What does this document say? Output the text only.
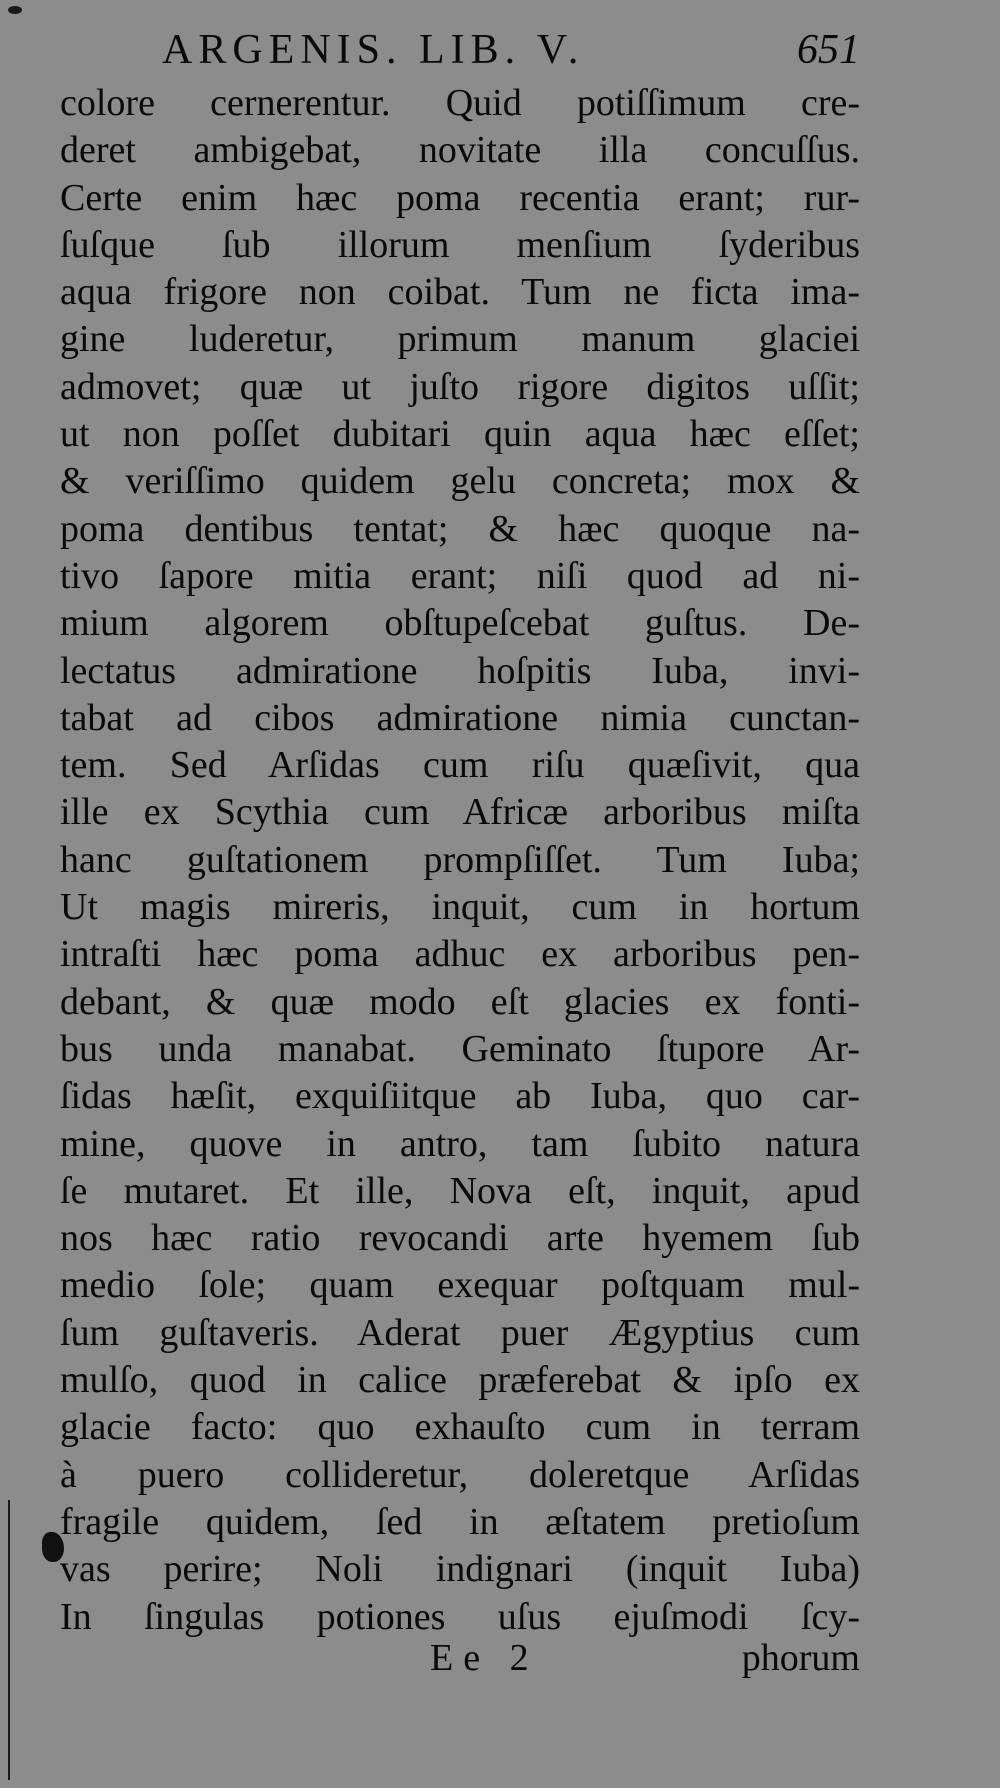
ARGENIS. LIB. V.	651
colore cernerentur. Quid potiſſimum cre-
deret ambigebat, novitate illa concuſſus.
Certe enim hæc poma recentia erant; rur-
ſuſque ſub illorum menſium ſyderibus
aqua frigore non coibat. Tum ne ficta ima-
gine luderetur, primum manum glaciei
admovet; quæ ut juſto rigore digitos uſſit;
ut non poſſet dubitari quin aqua hæc eſſet;
& veriſſimo quidem gelu concreta; mox &
poma dentibus tentat; & hæc quoque na-
tivo ſapore mitia erant; niſi quod ad ni-
mium algorem obſtupeſcebat guſtus. De-
lectatus admiratione hoſpitis Iuba, invi-
tabat ad cibos admiratione nimia cunctan-
tem. Sed Arſidas cum riſu quæſivit, qua
ille ex Scythia cum Africæ arboribus miſta
hanc guſtationem prompſiſſet. Tum Iuba;
Ut magis mireris, inquit, cum in hortum
intraſti hæc poma adhuc ex arboribus pen-
debant, & quæ modo eſt glacies ex fonti-
bus unda manabat. Geminato ſtupore Ar-
ſidas hæſit, exquiſiitque ab Iuba, quo car-
mine, quove in antro, tam ſubito natura
ſe mutaret. Et ille, Nova eſt, inquit, apud
nos hæc ratio revocandi arte hyemem ſub
medio ſole; quam exequar poſtquam mul-
ſum guſtaveris. Aderat puer Ægyptius cum
mulſo, quod in calice præferebat & ipſo ex
glacie facto: quo exhauſto cum in terram
à puero collideretur, doleretque Arſidas
fragile quidem, ſed in æſtatem pretioſum
vas perire; Noli indignari (inquit Iuba)
In ſingulas potiones uſus ejuſmodi ſcy-
Ee 2	phorum
